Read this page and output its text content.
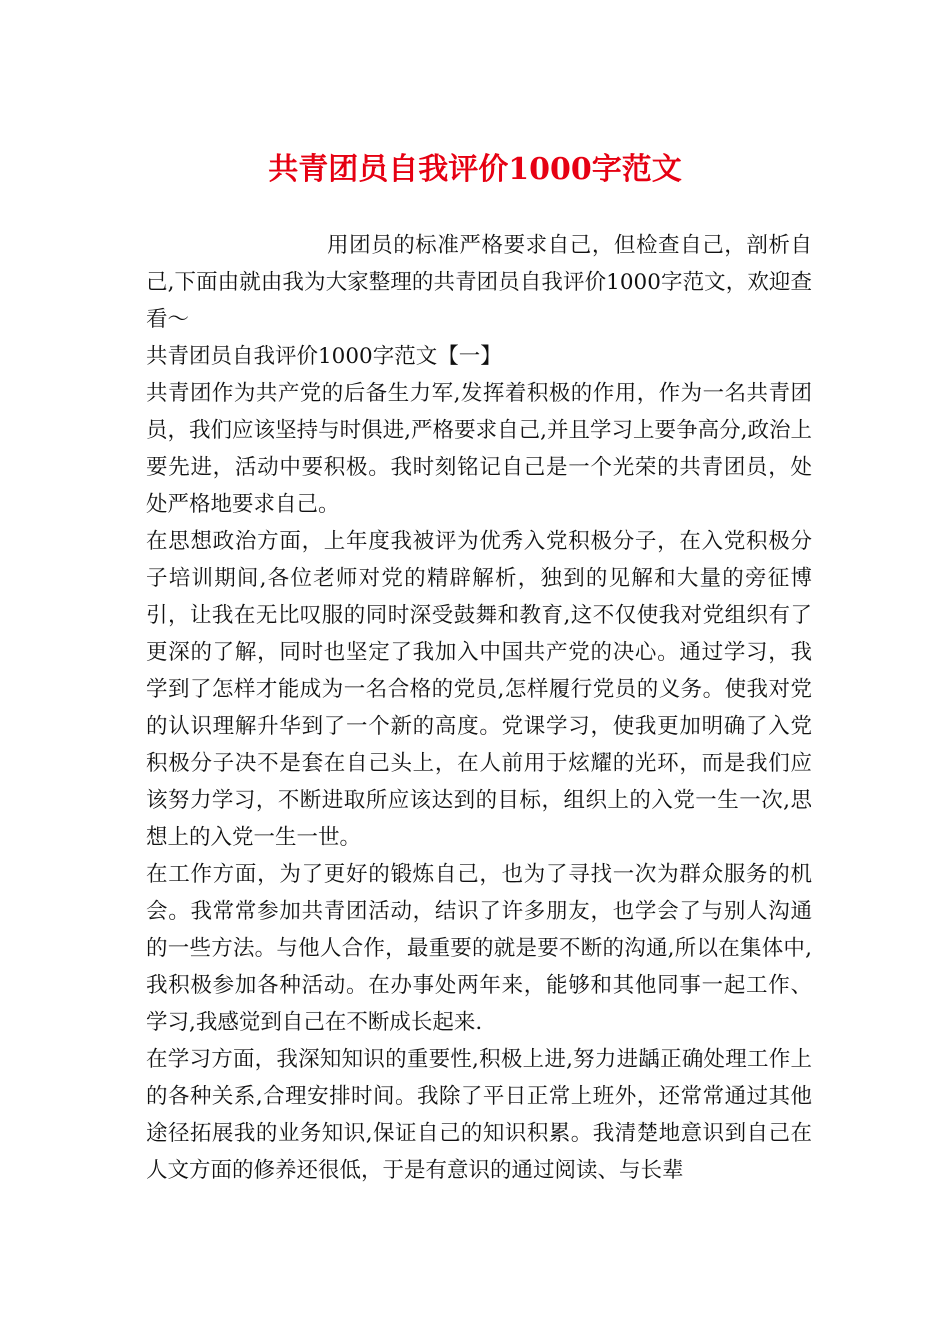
共青团员自我评价1000字范文

用团员的标准严格要求自己，但检查自己，剖析自己,下面由就由我为大家整理的共青团员自我评价1000字范文，欢迎查看～

共青团员自我评价1000字范文【一】

共青团作为共产党的后备生力军,发挥着积极的作用，作为一名共青团员，我们应该坚持与时俱进,严格要求自己,并且学习上要争高分,政治上要先进，活动中要积极。我时刻铭记自己是一个光荣的共青团员，处处严格地要求自己。

在思想政治方面，上年度我被评为优秀入党积极分子，在入党积极分子培训期间,各位老师对党的精辟解析，独到的见解和大量的旁征博引，让我在无比叹服的同时深受鼓舞和教育,这不仅使我对党组织有了更深的了解，同时也坚定了我加入中国共产党的决心。通过学习，我学到了怎样才能成为一名合格的党员,怎样履行党员的义务。使我对党的认识理解升华到了一个新的高度。党课学习，使我更加明确了入党积极分子决不是套在自己头上，在人前用于炫耀的光环，而是我们应该努力学习，不断进取所应该达到的目标，组织上的入党一生一次,思想上的入党一生一世。

在工作方面，为了更好的锻炼自己，也为了寻找一次为群众服务的机会。我常常参加共青团活动，结识了许多朋友，也学会了与别人沟通的一些方法。与他人合作，最重要的就是要不断的沟通,所以在集体中,我积极参加各种活动。在办事处两年来，能够和其他同事一起工作、学习,我感觉到自己在不断成长起来.

在学习方面，我深知知识的重要性,积极上进,努力进龋正确处理工作上的各种关系,合理安排时间。我除了平日正常上班外，还常常通过其他途径拓展我的业务知识,保证自己的知识积累。我清楚地意识到自己在人文方面的修养还很低，于是有意识的通过阅读、与长辈
